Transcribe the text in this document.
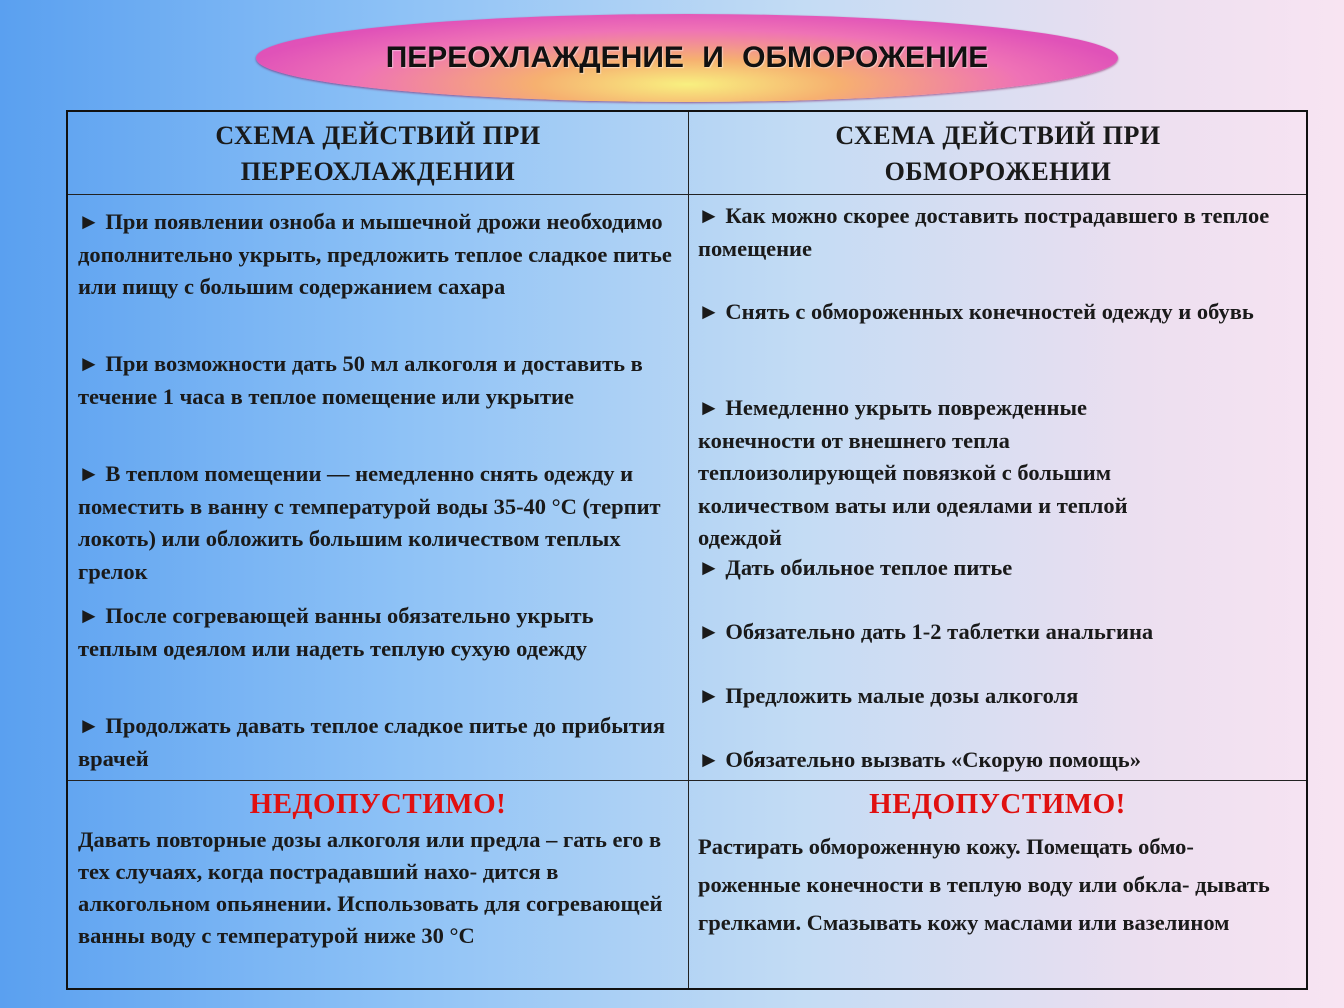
ПЕРЕОХЛАЖДЕНИЕ И ОБМОРОЖЕНИЕ
СХЕМА ДЕЙСТВИЙ ПРИ ПЕРЕОХЛАЖДЕНИИ
СХЕМА ДЕЙСТВИЙ ПРИ ОБМОРОЖЕНИИ
► При появлении озноба и мышечной дрожи необходимо дополнительно укрыть, предложить теплое сладкое питье или пищу с большим содержанием сахара
► При возможности дать 50 мл алкоголя и доставить в течение 1 часа в теплое помещение или укрытие
► В теплом помещении — немедленно снять одежду и поместить в ванну с температурой воды 35-40 °С (терпит локоть) или обложить большим количеством теплых грелок
► После согревающей ванны обязательно укрыть теплым одеялом или надеть теплую сухую одежду
► Продолжать давать теплое сладкое питье до прибытия врачей
► Как можно скорее доставить пострадавшего в теплое помещение
► Снять с обмороженных конечностей одежду и обувь
► Немедленно укрыть поврежденные конечности от внешнего тепла теплоизолирующей повязкой с большим количеством ваты или одеялами и теплой одеждой
► Дать обильное теплое питье
► Обязательно дать 1-2 таблетки анальгина
► Предложить малые дозы алкоголя
► Обязательно вызвать «Скорую помощь»
НЕДОПУСТИМО!	НЕДОПУСТИМО!
Давать повторные дозы алкоголя или предла – гать его в тех случаях, когда пострадавший нахо- дится в алкогольном опьянении. Использовать для согревающей ванны воду с температурой ниже 30 °С
Растирать обмороженную кожу. Помещать обмо- роженные конечности в теплую воду или обкла- дывать грелками. Смазывать кожу маслами или вазелином
